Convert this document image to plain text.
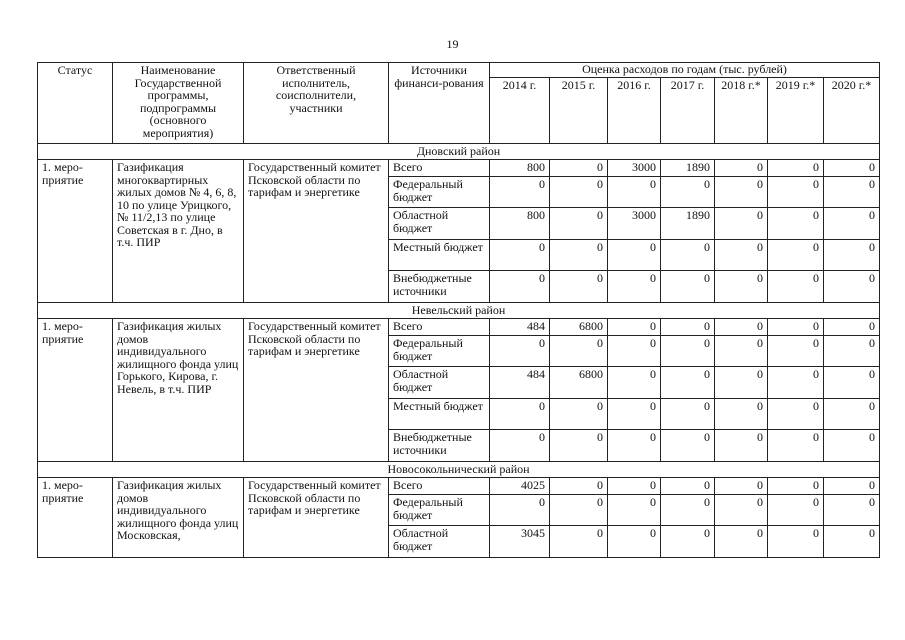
19
Статус	Наименование Государственной программы, подпрограммы (основного мероприятия)	Ответственный исполнитель, соисполнители, участники	Источники финанси-рования	Оценка расходов по годам (тыс. рублей)						
				2014 г.	2015 г.	2016 г.	2017 г.	2018 г.*	2019 г.*	2020 г.*
Дновский район										
1. меро-приятие	Газификация многоквартирных жилых домов № 4, 6, 8, 10 по улице Урицкого, № 11/2,13 по улице Советская в г. Дно, в т.ч. ПИР	Государственный комитет Псковской области по тарифам и энергетике	Всего	800	0	3000	1890	0	0	0
			Федеральный бюджет	0	0	0	0	0	0	0
			Областной бюджет	800	0	3000	1890	0	0	0
			Местный бюджет	0	0	0	0	0	0	0
			Внебюджетные источники	0	0	0	0	0	0	0
Невельский район										
1. меро-приятие	Газификация жилых домов индивидуального жилищного фонда улиц Горького, Кирова, г. Невель, в т.ч. ПИР	Государственный комитет Псковской области по тарифам и энергетике	Всего	484	6800	0	0	0	0	0
			Федеральный бюджет	0	0	0	0	0	0	0
			Областной бюджет	484	6800	0	0	0	0	0
			Местный бюджет	0	0	0	0	0	0	0
			Внебюджетные источники	0	0	0	0	0	0	0
Новосокольнический район										
1. меро-приятие	Газификация жилых домов индивидуального жилищного фонда улиц Московская,	Государственный комитет Псковской области по тарифам и энергетике	Всего	4025	0	0	0	0	0	0
			Федеральный бюджет	0	0	0	0	0	0	0
			Областной бюджет	3045	0	0	0	0	0	0
